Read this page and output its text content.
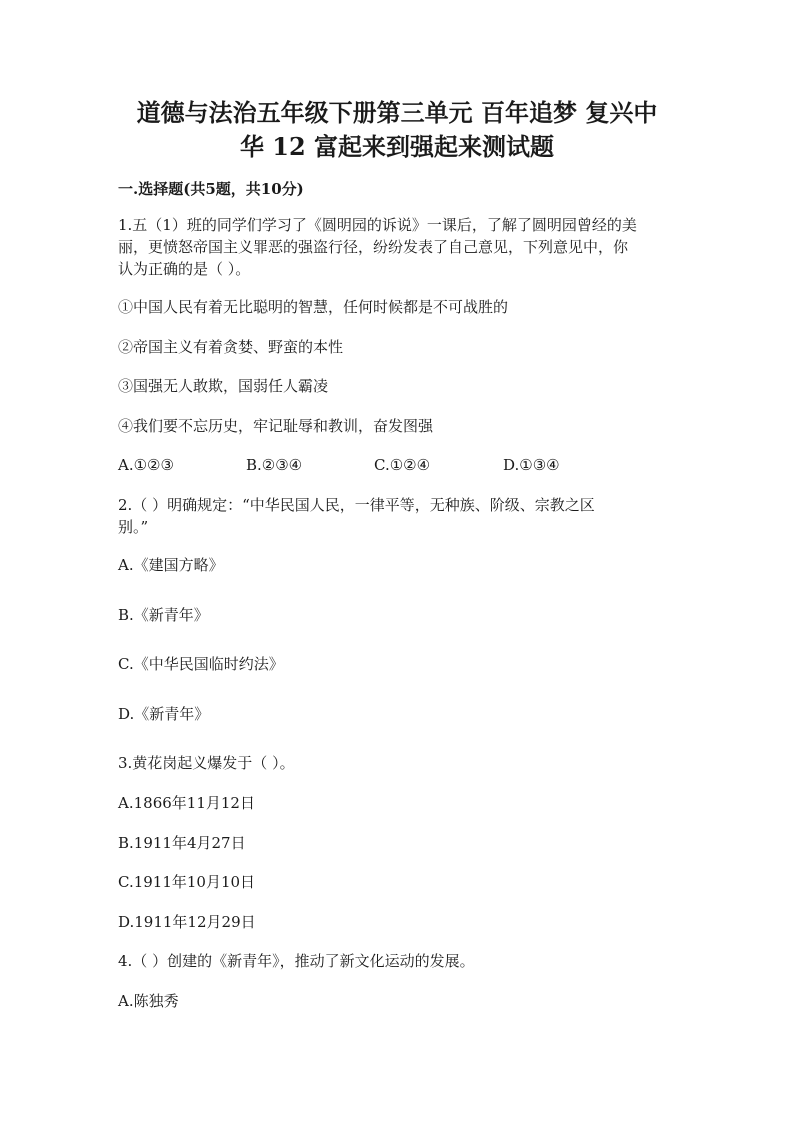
道德与法治五年级下册第三单元 百年追梦 复兴中
华 12 富起来到强起来测试题
一.选择题(共5题，共10分)

1.五（1）班的同学们学习了《圆明园的诉说》一课后，了解了圆明园曾经的美

丽，更愤怒帝国主义罪恶的强盗行径，纷纷发表了自己意见，下列意见中，你

认为正确的是（ ）。

①中国人民有着无比聪明的智慧，任何时候都是不可战胜的

②帝国主义有着贪婪、野蛮的本性

③国强无人敢欺，国弱任人霸凌

④我们要不忘历史，牢记耻辱和教训，奋发图强

A.①②③	B.②③④	C.①②④	D.①③④

2.（ ）明确规定：“中华民国人民，一律平等，无种族、阶级、宗教之区

别。”

A.《建国方略》

B.《新青年》

C.《中华民国临时约法》

D.《新青年》

3.黄花岗起义爆发于（ ）。

A.1866年11月12日

B.1911年4月27日

C.1911年10月10日

D.1911年12月29日

4.（ ）创建的《新青年》，推动了新文化运动的发展。

A.陈独秀
